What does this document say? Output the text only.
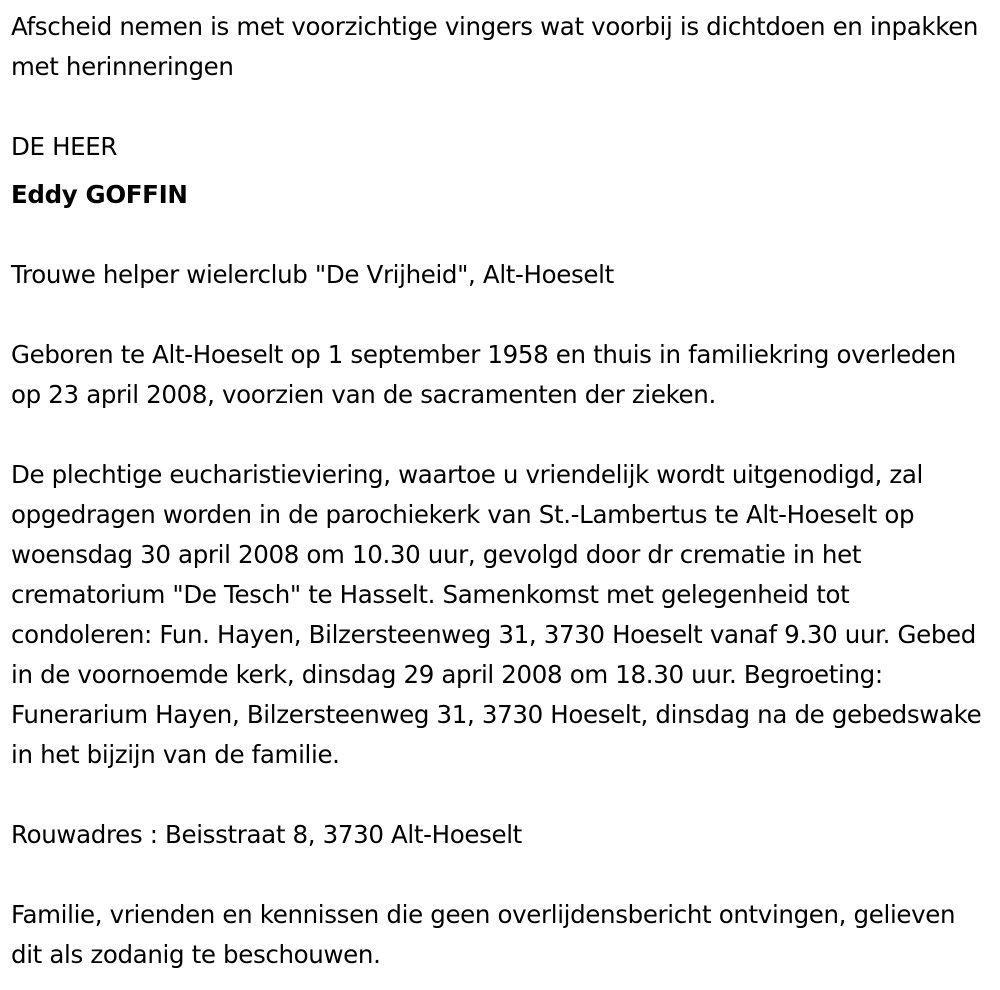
Afscheid nemen is met voorzichtige vingers wat voorbij is dichtdoen en inpakken met herinneringen

DE HEER

Eddy GOFFIN

Trouwe helper wielerclub "De Vrijheid", Alt-Hoeselt

Geboren te Alt-Hoeselt op 1 september 1958 en thuis in familiekring overleden op 23 april 2008, voorzien van de sacramenten der zieken.

De plechtige eucharistieviering, waartoe u vriendelijk wordt uitgenodigd, zal opgedragen worden in de parochiekerk van St.-Lambertus te Alt-Hoeselt op woensdag 30 april 2008 om 10.30 uur, gevolgd door dr crematie in het crematorium "De Tesch" te Hasselt. Samenkomst met gelegenheid tot condoleren: Fun. Hayen, Bilzersteenweg 31, 3730 Hoeselt vanaf 9.30 uur. Gebed in de voornoemde kerk, dinsdag 29 april 2008 om 18.30 uur. Begroeting: Funerarium Hayen, Bilzersteenweg 31, 3730 Hoeselt, dinsdag na de gebedswake in het bijzijn van de familie.

Rouwadres : Beisstraat 8, 3730 Alt-Hoeselt

Familie, vrienden en kennissen die geen overlijdensbericht ontvingen, gelieven dit als zodanig te beschouwen.
